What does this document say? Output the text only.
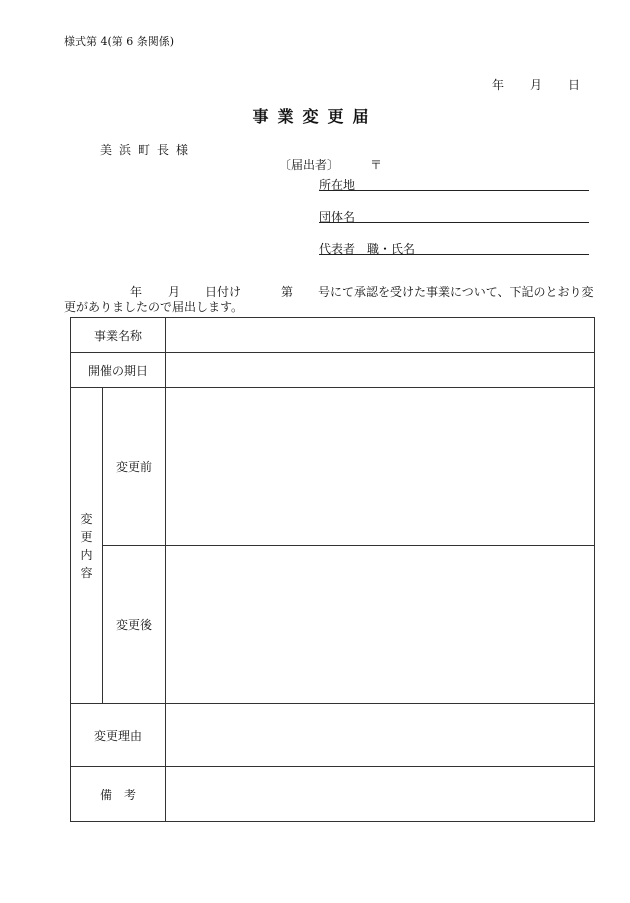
様式第 4(第 6 条関係)
年 月 日
事業変更届
美浜町長様
〔届出者〕	〒
所在地
団体名
代表者　職・氏名
年 月 日付け	第 号にて承認を受けた事業について、下記のとおり変
更がありましたので届出します。
事業名称		
開催の期日		

変更内容	変更前	
	変更後	
変更理由		
備　考		
